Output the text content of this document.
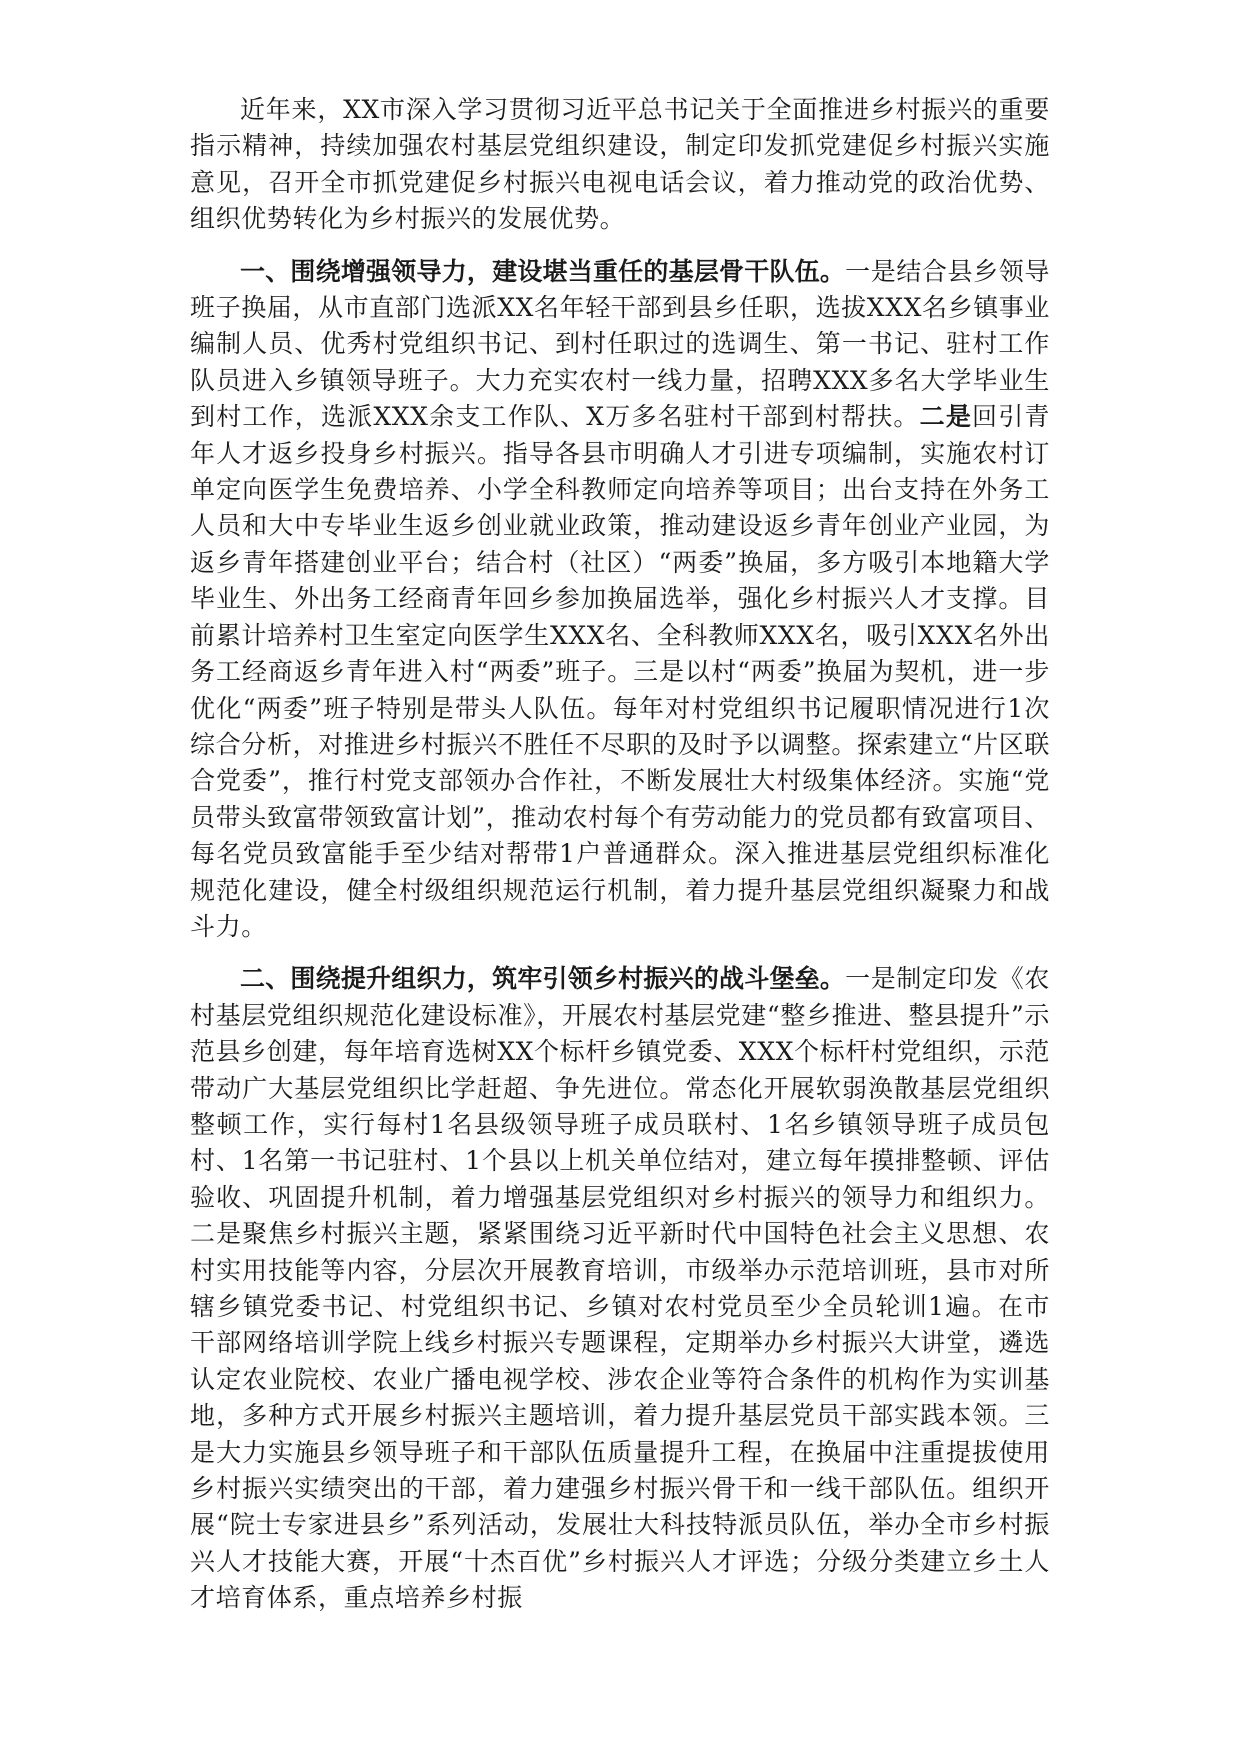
近年来，XX市深入学习贯彻习近平总书记关于全面推进乡村振兴的重要指示精神，持续加强农村基层党组织建设，制定印发抓党建促乡村振兴实施意见，召开全市抓党建促乡村振兴电视电话会议，着力推动党的政治优势、组织优势转化为乡村振兴的发展优势。

一、围绕增强领导力，建设堪当重任的基层骨干队伍。一是结合县乡领导班子换届，从市直部门选派XX名年轻干部到县乡任职，选拔XXX名乡镇事业编制人员、优秀村党组织书记、到村任职过的选调生、第一书记、驻村工作队员进入乡镇领导班子。大力充实农村一线力量，招聘XXX多名大学毕业生到村工作，选派XXX余支工作队、X万多名驻村干部到村帮扶。二是回引青年人才返乡投身乡村振兴。指导各县市明确人才引进专项编制，实施农村订单定向医学生免费培养、小学全科教师定向培养等项目；出台支持在外务工人员和大中专毕业生返乡创业就业政策，推动建设返乡青年创业产业园，为返乡青年搭建创业平台；结合村（社区）“两委”换届，多方吸引本地籍大学毕业生、外出务工经商青年回乡参加换届选举，强化乡村振兴人才支撑。目前累计培养村卫生室定向医学生XXX名、全科教师XXX名，吸引XXX名外出务工经商返乡青年进入村“两委”班子。三是以村“两委”换届为契机，进一步优化“两委”班子特别是带头人队伍。每年对村党组织书记履职情况进行1次综合分析，对推进乡村振兴不胜任不尽职的及时予以调整。探索建立“片区联合党委”，推行村党支部领办合作社，不断发展壮大村级集体经济。实施“党员带头致富带领致富计划”，推动农村每个有劳动能力的党员都有致富项目、每名党员致富能手至少结对帮带1户普通群众。深入推进基层党组织标准化规范化建设，健全村级组织规范运行机制，着力提升基层党组织凝聚力和战斗力。

二、围绕提升组织力，筑牢引领乡村振兴的战斗堡垒。一是制定印发《农村基层党组织规范化建设标准》，开展农村基层党建“整乡推进、整县提升”示范县乡创建，每年培育选树XX个标杆乡镇党委、XXX个标杆村党组织，示范带动广大基层党组织比学赶超、争先进位。常态化开展软弱涣散基层党组织整顿工作，实行每村1名县级领导班子成员联村、1名乡镇领导班子成员包村、1名第一书记驻村、1个县以上机关单位结对，建立每年摸排整顿、评估验收、巩固提升机制，着力增强基层党组织对乡村振兴的领导力和组织力。二是聚焦乡村振兴主题，紧紧围绕习近平新时代中国特色社会主义思想、农村实用技能等内容，分层次开展教育培训，市级举办示范培训班，县市对所辖乡镇党委书记、村党组织书记、乡镇对农村党员至少全员轮训1遍。在市干部网络培训学院上线乡村振兴专题课程，定期举办乡村振兴大讲堂，遴选认定农业院校、农业广播电视学校、涉农企业等符合条件的机构作为实训基地，多种方式开展乡村振兴主题培训，着力提升基层党员干部实践本领。三是大力实施县乡领导班子和干部队伍质量提升工程，在换届中注重提拔使用乡村振兴实绩突出的干部，着力建强乡村振兴骨干和一线干部队伍。组织开展“院士专家进县乡”系列活动，发展壮大科技特派员队伍，举办全市乡村振兴人才技能大赛，开展“十杰百优”乡村振兴人才评选；分级分类建立乡土人才培育体系，重点培养乡村振
